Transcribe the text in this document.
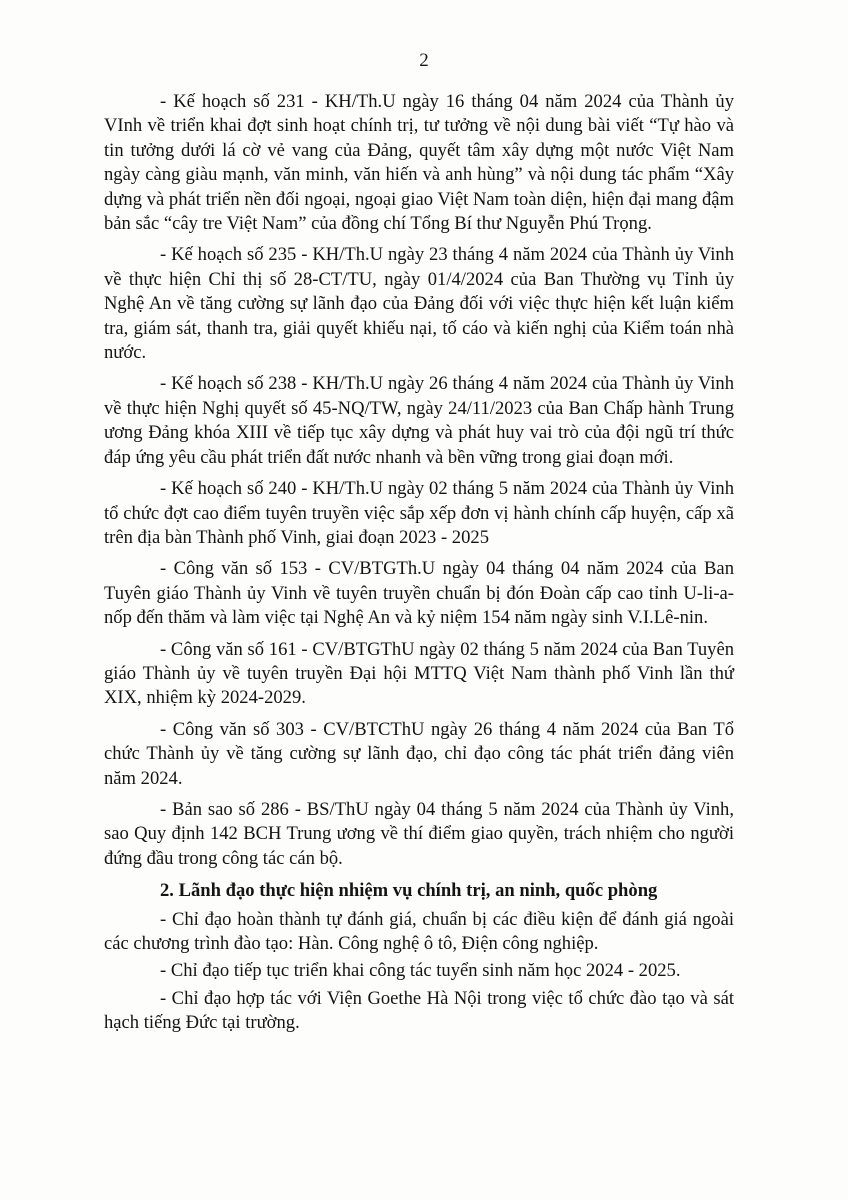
2

- Kế hoạch số 231 - KH/Th.U ngày 16 tháng 04 năm 2024 của Thành ủy VInh về triển khai đợt sinh hoạt chính trị, tư tưởng về nội dung bài viết “Tự hào và tin tưởng dưới lá cờ vẻ vang của Đảng, quyết tâm xây dựng một nước Việt Nam ngày càng giàu mạnh, văn minh, văn hiến và anh hùng” và nội dung tác phẩm “Xây dựng và phát triển nền đối ngoại, ngoại giao Việt Nam toàn diện, hiện đại mang đậm bản sắc “cây tre Việt Nam” của đồng chí Tổng Bí thư Nguyễn Phú Trọng.

- Kế hoạch số 235 - KH/Th.U ngày 23 tháng 4 năm 2024 của Thành ủy Vinh về thực hiện Chỉ thị số 28-CT/TU, ngày 01/4/2024 của Ban Thường vụ Tỉnh ủy Nghệ An về tăng cường sự lãnh đạo của Đảng đối với việc thực hiện kết luận kiểm tra, giám sát, thanh tra, giải quyết khiếu nại, tố cáo và kiến nghị của Kiểm toán nhà nước.

- Kế hoạch số 238 - KH/Th.U ngày 26 tháng 4 năm 2024 của Thành ủy Vinh về thực hiện Nghị quyết số 45-NQ/TW, ngày 24/11/2023 của Ban Chấp hành Trung ương Đảng khóa XIII về tiếp tục xây dựng và phát huy vai trò của đội ngũ trí thức đáp ứng yêu cầu phát triển đất nước nhanh và bền vững trong giai đoạn mới.

- Kế hoạch số 240 - KH/Th.U ngày 02 tháng 5 năm 2024 của Thành ủy Vinh tổ chức đợt cao điểm tuyên truyền việc sắp xếp đơn vị hành chính cấp huyện, cấp xã trên địa bàn Thành phố Vinh, giai đoạn 2023 - 2025

- Công văn số 153 - CV/BTGTh.U ngày 04 tháng 04 năm 2024 của Ban Tuyên giáo Thành ủy Vinh về tuyên truyền chuẩn bị đón Đoàn cấp cao tỉnh U-li-a-nốp đến thăm và làm việc tại Nghệ An và kỷ niệm 154 năm ngày sinh V.I.Lê-nin.

- Công văn số 161 - CV/BTGThU ngày 02 tháng 5 năm 2024 của Ban Tuyên giáo Thành ủy về tuyên truyền Đại hội MTTQ Việt Nam thành phố Vinh lần thứ XIX, nhiệm kỳ 2024-2029.

- Công văn số 303 - CV/BTCThU ngày 26 tháng 4 năm 2024 của Ban Tổ chức Thành ủy về tăng cường sự lãnh đạo, chỉ đạo công tác phát triển đảng viên năm 2024.

- Bản sao số 286 - BS/ThU ngày 04 tháng 5 năm 2024 của Thành ủy Vinh, sao Quy định 142 BCH Trung ương về thí điểm giao quyền, trách nhiệm cho người đứng đầu trong công tác cán bộ.

2. Lãnh đạo thực hiện nhiệm vụ chính trị, an ninh, quốc phòng

- Chỉ đạo hoàn thành tự đánh giá, chuẩn bị các điều kiện để đánh giá ngoài các chương trình đào tạo: Hàn. Công nghệ ô tô, Điện công nghiệp.

- Chỉ đạo tiếp tục triển khai công tác tuyển sinh năm học 2024 - 2025.

- Chỉ đạo hợp tác với Viện Goethe Hà Nội trong việc tổ chức đào tạo và sát hạch tiếng Đức tại trường.
